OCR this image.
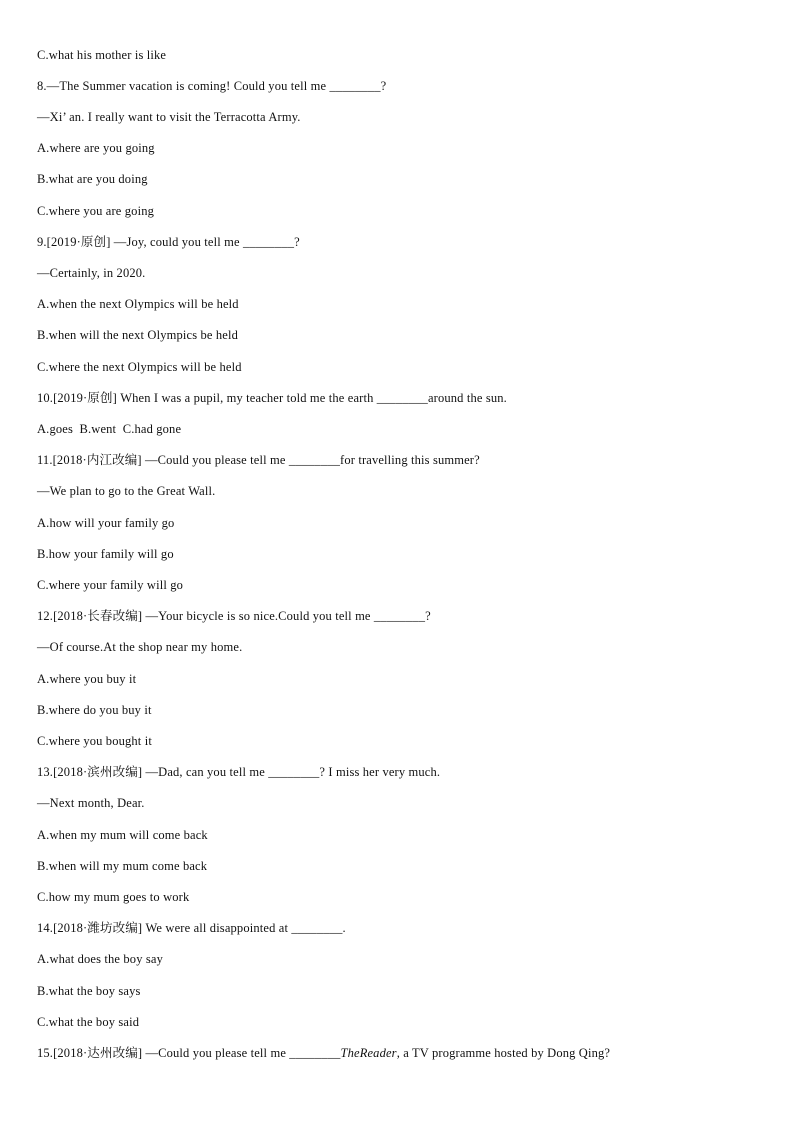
C.what his mother is like
8.—The Summer vacation is coming! Could you tell me ________?
—Xi’ an. I really want to visit the Terracotta Army.
A.where are you going
B.what are you doing
C.where you are going
9.[2019·原创] —Joy, could you tell me ________?
—Certainly, in 2020.
A.when the next Olympics will be held
B.when will the next Olympics be held
C.where the next Olympics will be held
10.[2019·原创] When I was a pupil, my teacher told me the earth ________around the sun.
A.goes  B.went  C.had gone
11.[2018·内江改编] —Could you please tell me ________for travelling this summer?
—We plan to go to the Great Wall.
A.how will your family go
B.how your family will go
C.where your family will go
12.[2018·长春改编] —Your bicycle is so nice.Could you tell me ________?
—Of course.At the shop near my home.
A.where you buy it
B.where do you buy it
C.where you bought it
13.[2018·滨州改编] —Dad, can you tell me ________? I miss her very much.
—Next month, Dear.
A.when my mum will come back
B.when will my mum come back
C.how my mum goes to work
14.[2018·潍坊改编] We were all disappointed at ________.
A.what does the boy say
B.what the boy says
C.what the boy said
15.[2018·达州改编] —Could you please tell me ________TheReader, a TV programme hosted by Dong Qing?
